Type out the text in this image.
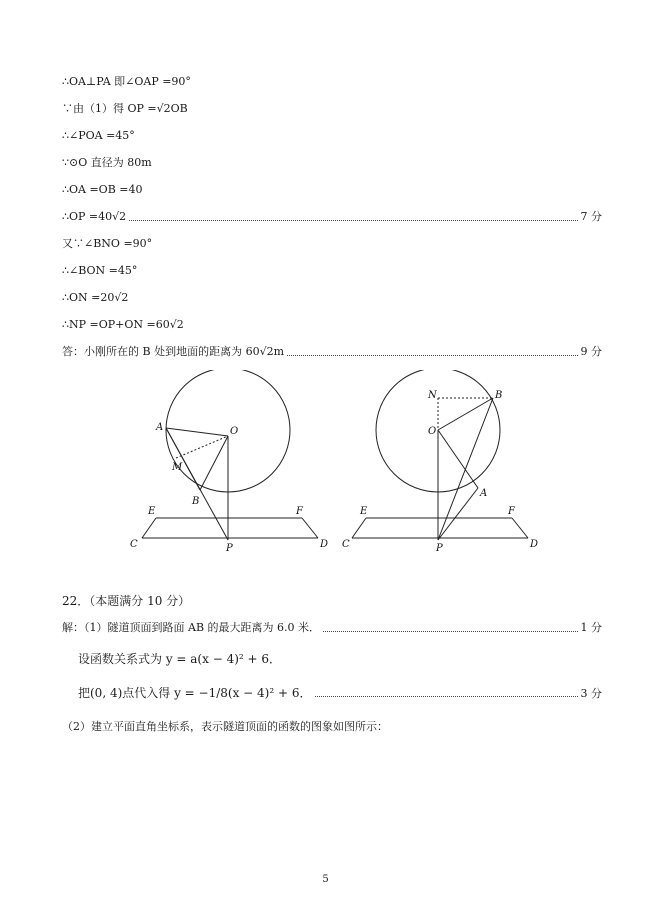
∴OA⊥PA 即∠OAP =90°
∵由（1）得 OP =√2OB
∴∠POA =45°
∵⊙O 直径为 80m
∴OA =OB =40
∴OP =40√2	7 分
又∵∠BNO =90°
∴∠BON =45°
∴ON =20√2
∴NP =OP+ON =60√2
答：小刚所在的 B 处到地面的距离为 60√2m	9 分
A	O
M
B
E	F
C	P	D
N	B
O
A
E	F
C	P	D
22．（本题满分 10 分）
解：（1）隧道顶面到路面 AB 的最大距离为 6.0 米．	1 分
设函数关系式为 y = a(x − 4)² + 6．
把(0, 4)点代入得 y = −1/8(x − 4)² + 6．	3 分
（2）建立平面直角坐标系，表示隧道顶面的函数的图象如图所示：
5
